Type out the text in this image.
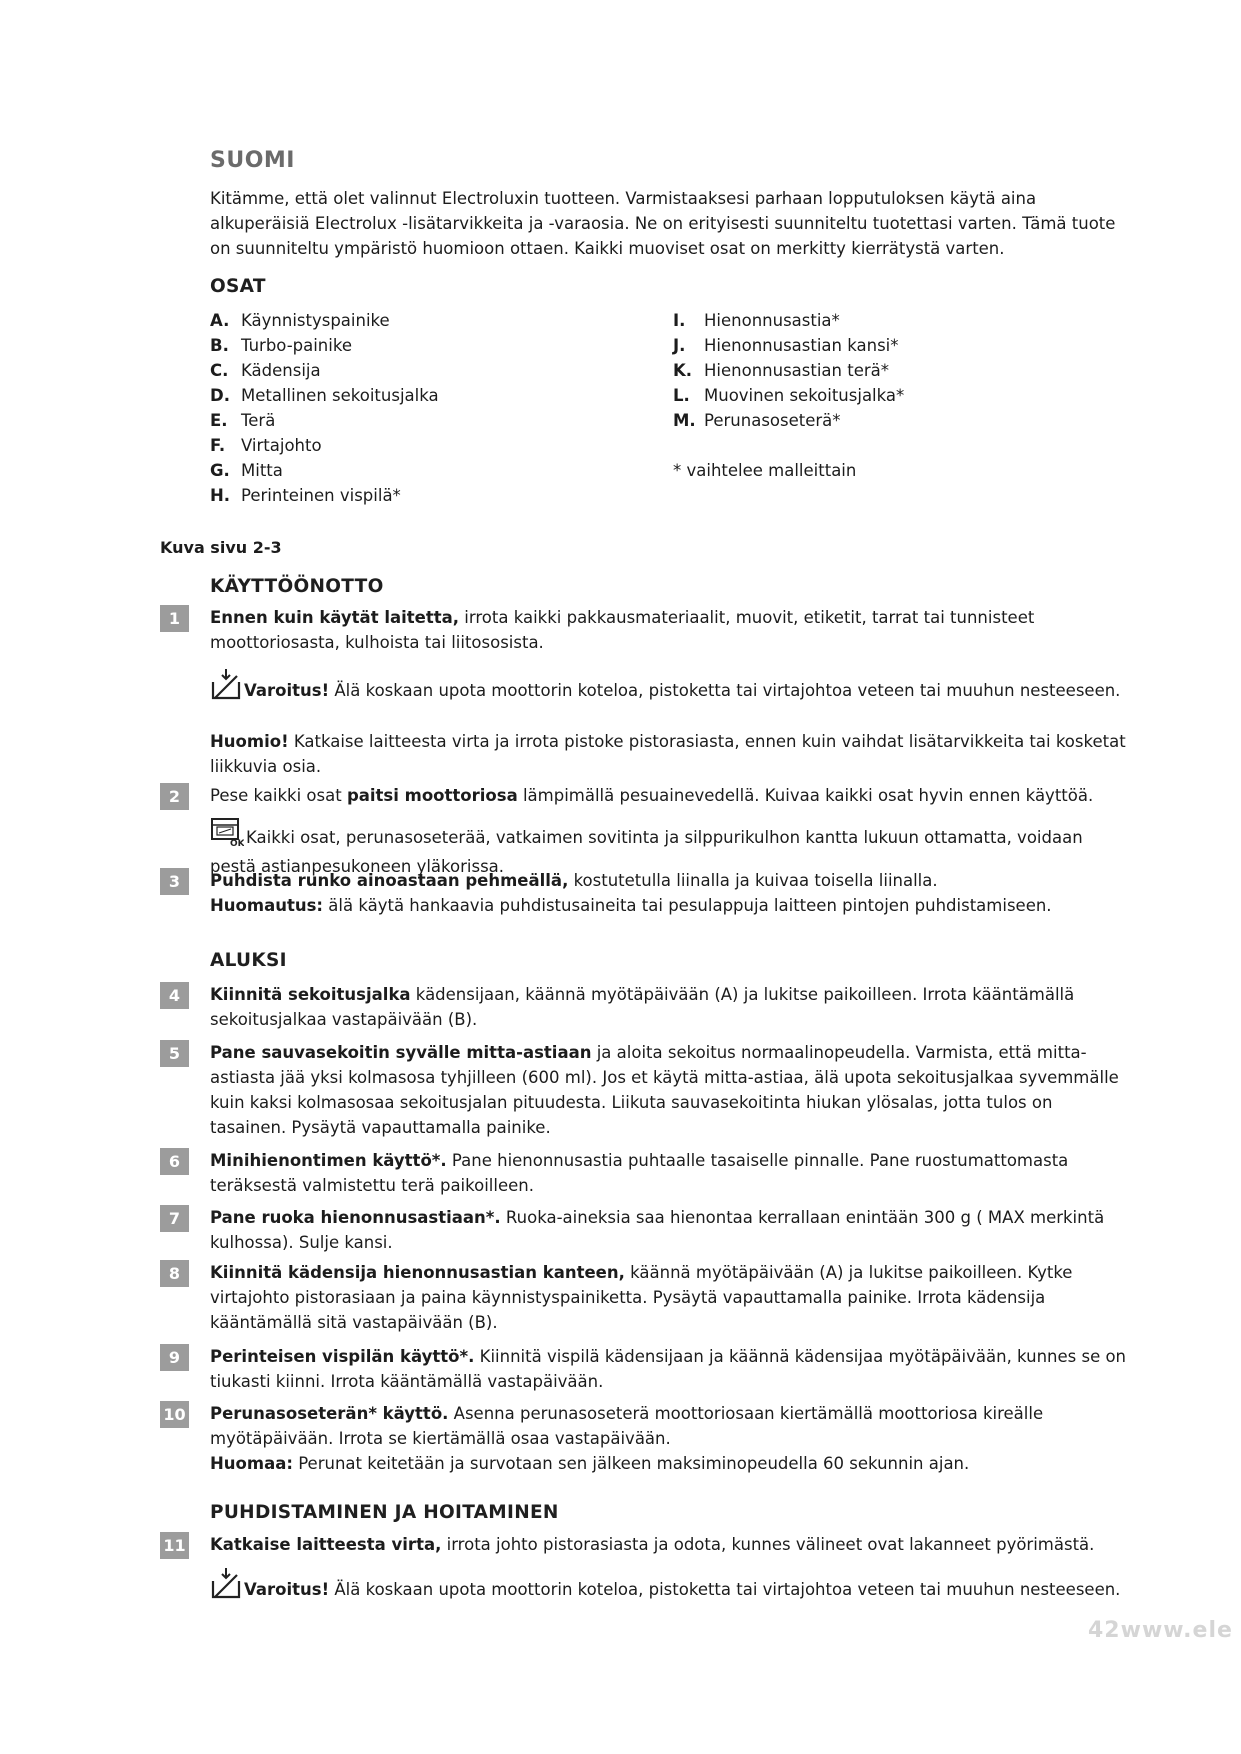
SUOMI
Kitämme, että olet valinnut Electroluxin tuotteen. Varmistaaksesi parhaan lopputuloksen käytä aina alkuperäisiä Electrolux -lisätarvikkeita ja -varaosia. Ne on erityisesti suunniteltu tuotettasi varten. Tämä tuote on suunniteltu ympäristö huomioon ottaen. Kaikki muoviset osat on merkitty kierrätystä varten.
OSAT
A. Käynnistyspainike
B. Turbo-painike
C. Kädensija
D. Metallinen sekoitusjalka
E. Terä
F. Virtajohto
G. Mitta
H. Perinteinen vispilä*
I.	Hienonnusastia*
J.	Hienonnusastian kansi*
K. Hienonnusastian terä*
L. Muovinen sekoitusjalka*
M. Perunasoseterä*
* vaihtelee malleittain
Kuva sivu 2-3
KÄYTTÖÖNOTTO
1	Ennen kuin käytät laitetta, irrota kaikki pakkausmateriaalit, muovit, etiketit, tarrat tai tunnisteet moottoriosasta, kulhoista tai liitososista.
Varoitus! Älä koskaan upota moottorin koteloa, pistoketta tai virtajohtoa veteen tai muuhun nesteeseen.
Huomio! Katkaise laitteesta virta ja irrota pistoke pistorasiasta, ennen kuin vaihdat lisätarvikkeita tai kosketat liikkuvia osia.
2	Pese kaikki osat paitsi moottoriosa lämpimällä pesuainevedellä. Kuivaa kaikki osat hyvin ennen käyttöä.
OK Kaikki osat, perunasoseterää, vatkaimen sovitinta ja silppurikulhon kantta lukuun ottamatta, voidaan pestä astianpesukoneen yläkorissa.
3	Puhdista runko ainoastaan pehmeällä, kostutetulla liinalla ja kuivaa toisella liinalla.
Huomautus: älä käytä hankaavia puhdistusaineita tai pesulappuja laitteen pintojen puhdistamiseen.
ALUKSI
4	Kiinnitä sekoitusjalka kädensijaan, käännä myötäpäivään (A) ja lukitse paikoilleen. Irrota kääntämällä sekoitusjalkaa vastapäivään (B).
5	Pane sauvasekoitin syvälle mitta-astiaan ja aloita sekoitus normaalinopeudella. Varmista, että mitta-astiasta jää yksi kolmasosa tyhjilleen (600 ml). Jos et käytä mitta-astiaa, älä upota sekoitusjalkaa syvemmälle kuin kaksi kolmasosaa sekoitusjalan pituudesta. Liikuta sauvasekoitinta hiukan ylösalas, jotta tulos on tasainen. Pysäytä vapauttamalla painike.
6	Minihienontimen käyttö*. Pane hienonnusastia puhtaalle tasaiselle pinnalle. Pane ruostumattomasta teräksestä valmistettu terä paikoilleen.
7	Pane ruoka hienonnusastiaan*. Ruoka-aineksia saa hienontaa kerrallaan enintään 300 g ( MAX merkintä kulhossa). Sulje kansi.
8	Kiinnitä kädensija hienonnusastian kanteen, käännä myötäpäivään (A) ja lukitse paikoilleen. Kytke virtajohto pistorasiaan ja paina käynnistyspainiketta. Pysäytä vapauttamalla painike. Irrota kädensija kääntämällä sitä vastapäivään (B).
9	Perinteisen vispilän käyttö*. Kiinnitä vispilä kädensijaan ja käännä kädensijaa myötäpäivään, kunnes se on tiukasti kiinni. Irrota kääntämällä vastapäivään.
10 Perunasoseterän* käyttö. Asenna perunasoseterä moottoriosaan kiertämällä moottoriosa kireälle myötäpäivään. Irrota se kiertämällä osaa vastapäivään.
Huomaa: Perunat keitetään ja survotaan sen jälkeen maksiminopeudella 60 sekunnin ajan.
PUHDISTAMINEN JA HOITAMINEN
11 Katkaise laitteesta virta, irrota johto pistorasiasta ja odota, kunnes välineet ovat lakanneet pyörimästä.
Varoitus! Älä koskaan upota moottorin koteloa, pistoketta tai virtajohtoa veteen tai muuhun nesteeseen.
42www.ele
